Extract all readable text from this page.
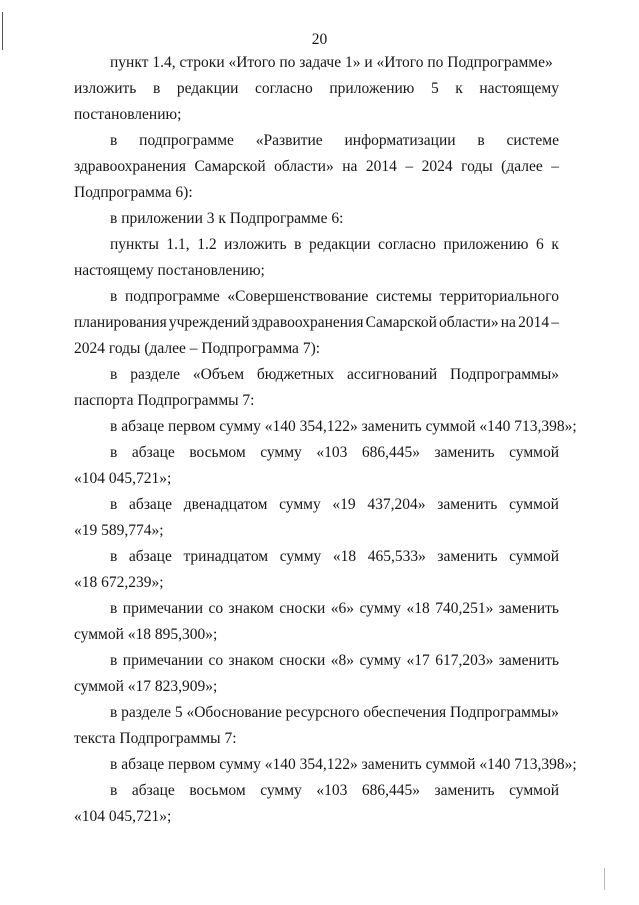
20
пункт 1.4, строки «Итого по задаче 1» и «Итого по Подпрограмме»
изложить в редакции согласно приложению 5 к настоящему
постановлению;
в подпрограмме «Развитие информатизации в системе
здравоохранения Самарской области» на 2014 – 2024 годы (далее –
Подпрограмма 6):
в приложении 3 к Подпрограмме 6:
пункты 1.1, 1.2 изложить в редакции согласно приложению 6 к
настоящему постановлению;
в подпрограмме «Совершенствование системы территориального
планирования учреждений здравоохранения Самарской области» на 2014 –
2024 годы (далее – Подпрограмма 7):
в разделе «Объем бюджетных ассигнований Подпрограммы»
паспорта Подпрограммы 7:
в абзаце первом сумму «140 354,122» заменить суммой «140 713,398»;
в абзаце восьмом сумму «103 686,445» заменить суммой
«104 045,721»;
в абзаце двенадцатом сумму «19 437,204» заменить суммой
«19 589,774»;
в абзаце тринадцатом сумму «18 465,533» заменить суммой
«18 672,239»;
в примечании со знаком сноски «6» сумму «18 740,251» заменить
суммой «18 895,300»;
в примечании со знаком сноски «8» сумму «17 617,203» заменить
суммой «17 823,909»;
в разделе 5 «Обоснование ресурсного обеспечения Подпрограммы»
текста Подпрограммы 7:
в абзаце первом сумму «140 354,122» заменить суммой «140 713,398»;
в абзаце восьмом сумму «103 686,445» заменить суммой
«104 045,721»;
